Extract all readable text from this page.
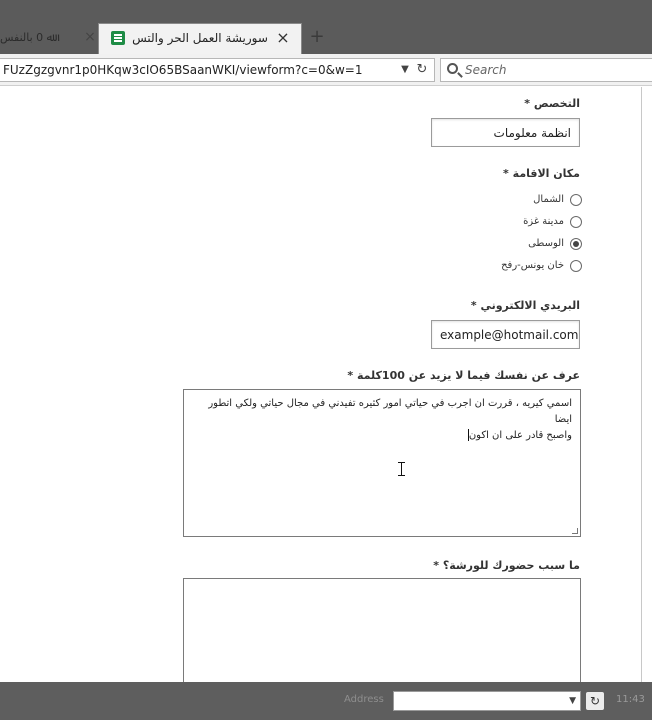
ﷲ 0 ﺑﺎﻟﻨﻔﺲ	×	سوريشة العمل الحر والتس × +
FUzZgzgvnr1p0HKqw3cIO65BSaanWKI/viewform?c=0&w=1	▼ ↻	Search
التخصص *
انظمة معلومات
مكان الاقامة *
الشمال
مدينة غزة
الوسطى
خان يونس-رفح
البريدي الالكتروني *
example@hotmail.com
عرف عن نفسك فيما لا يزيد عن 100كلمة *
اسمي كيريه ، قررت ان اجرب في حياتي امور كثيره تفيدني في مجال حياتي ولكي اتطور ايضا
واصبح قادر على ان اكون
ما سبب حضورك للورشة؟ *
Address	▼	↻	11:43
